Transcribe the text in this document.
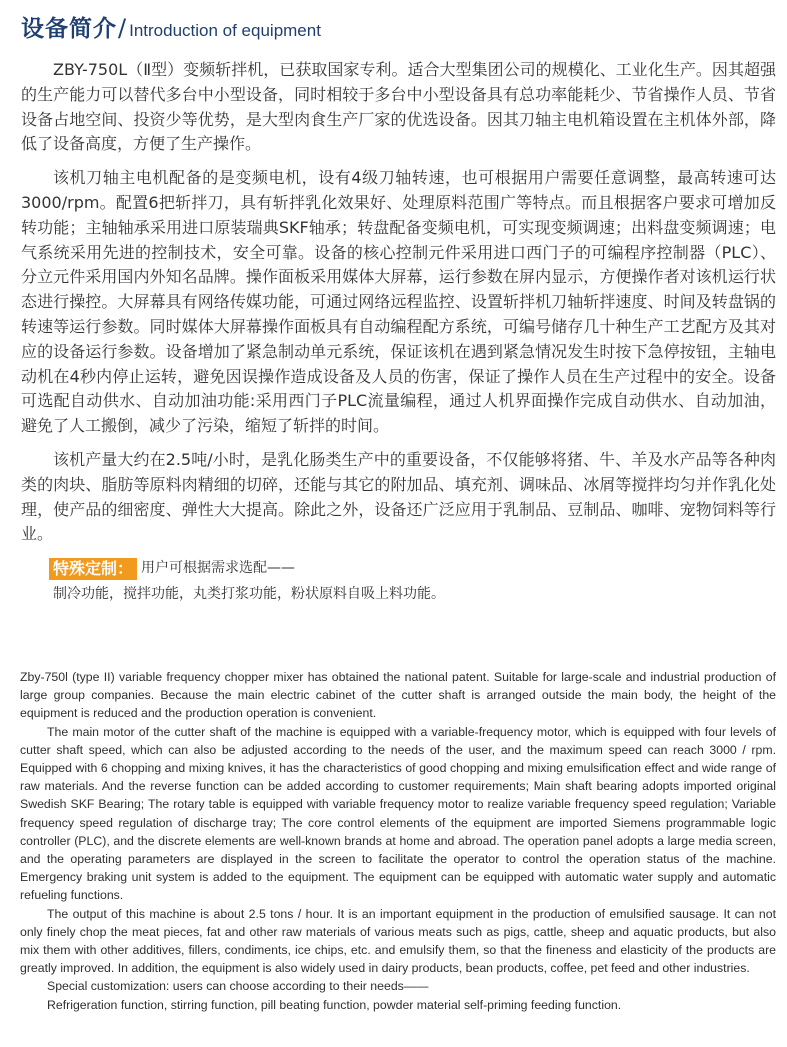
设备简介 / Introduction of equipment

ZBY-750L（Ⅱ型）变频斩拌机，已获取国家专利。适合大型集团公司的规模化、工业化生产。因其超强的生产能力可以替代多台中小型设备，同时相较于多台中小型设备具有总功率能耗少、节省操作人员、节省设备占地空间、投资少等优势，是大型肉食生产厂家的优选设备。因其刀轴主电机箱设置在主机体外部，降低了设备高度，方便了生产操作。

该机刀轴主电机配备的是变频电机，设有4级刀轴转速，也可根据用户需要任意调整，最高转速可达3000/rpm。配置6把斩拌刀，具有斩拌乳化效果好、处理原料范围广等特点。而且根据客户要求可增加反转功能；主轴轴承采用进口原装瑞典SKF轴承；转盘配备变频电机，可实现变频调速；出料盘变频调速；电气系统采用先进的控制技术，安全可靠。设备的核心控制元件采用进口西门子的可编程序控制器（PLC）、分立元件采用国内外知名品牌。操作面板采用媒体大屏幕，运行参数在屏内显示，方便操作者对该机运行状态进行操控。大屏幕具有网络传媒功能，可通过网络远程监控、设置斩拌机刀轴斩拌速度、时间及转盘锅的转速等运行参数。同时媒体大屏幕操作面板具有自动编程配方系统，可编号储存几十种生产工艺配方及其对应的设备运行参数。设备增加了紧急制动单元系统，保证该机在遇到紧急情况发生时按下急停按钮，主轴电动机在4秒内停止运转，避免因误操作造成设备及人员的伤害，保证了操作人员在生产过程中的安全。设备可选配自动供水、自动加油功能:采用西门子PLC流量编程，通过人机界面操作完成自动供水、自动加油，避免了人工搬倒，减少了污染，缩短了斩拌的时间。

该机产量大约在2.5吨/小时，是乳化肠类生产中的重要设备，不仅能够将猪、牛、羊及水产品等各种肉类的肉块、脂肪等原料肉精细的切碎，还能与其它的附加品、填充剂、调味品、冰屑等搅拌均匀并作乳化处理，使产品的细密度、弹性大大提高。除此之外，设备还广泛应用于乳制品、豆制品、咖啡、宠物饲料等行业。

特殊定制： 用户可根据需求选配——
制冷功能，搅拌功能，丸类打浆功能，粉状原料自吸上料功能。

Zby-750l (type II) variable frequency chopper mixer has obtained the national patent. Suitable for large-scale and industrial production of large group companies. Because the main electric cabinet of the cutter shaft is arranged outside the main body, the height of the equipment is reduced and the production operation is convenient.

The main motor of the cutter shaft of the machine is equipped with a variable-frequency motor, which is equipped with four levels of cutter shaft speed, which can also be adjusted according to the needs of the user, and the maximum speed can reach 3000 / rpm. Equipped with 6 chopping and mixing knives, it has the characteristics of good chopping and mixing emulsification effect and wide range of raw materials. And the reverse function can be added according to customer requirements; Main shaft bearing adopts imported original Swedish SKF Bearing; The rotary table is equipped with variable frequency motor to realize variable frequency speed regulation; Variable frequency speed regulation of discharge tray; The core control elements of the equipment are imported Siemens programmable logic controller (PLC), and the discrete elements are well-known brands at home and abroad. The operation panel adopts a large media screen, and the operating parameters are displayed in the screen to facilitate the operator to control the operation status of the machine. Emergency braking unit system is added to the equipment. The equipment can be equipped with automatic water supply and automatic refueling functions.

The output of this machine is about 2.5 tons / hour. It is an important equipment in the production of emulsified sausage. It can not only finely chop the meat pieces, fat and other raw materials of various meats such as pigs, cattle, sheep and aquatic products, but also mix them with other additives, fillers, condiments, ice chips, etc. and emulsify them, so that the fineness and elasticity of the products are greatly improved. In addition, the equipment is also widely used in dairy products, bean products, coffee, pet feed and other industries.

Special customization: users can choose according to their needs——

Refrigeration function, stirring function, pill beating function, powder material self-priming feeding function.
